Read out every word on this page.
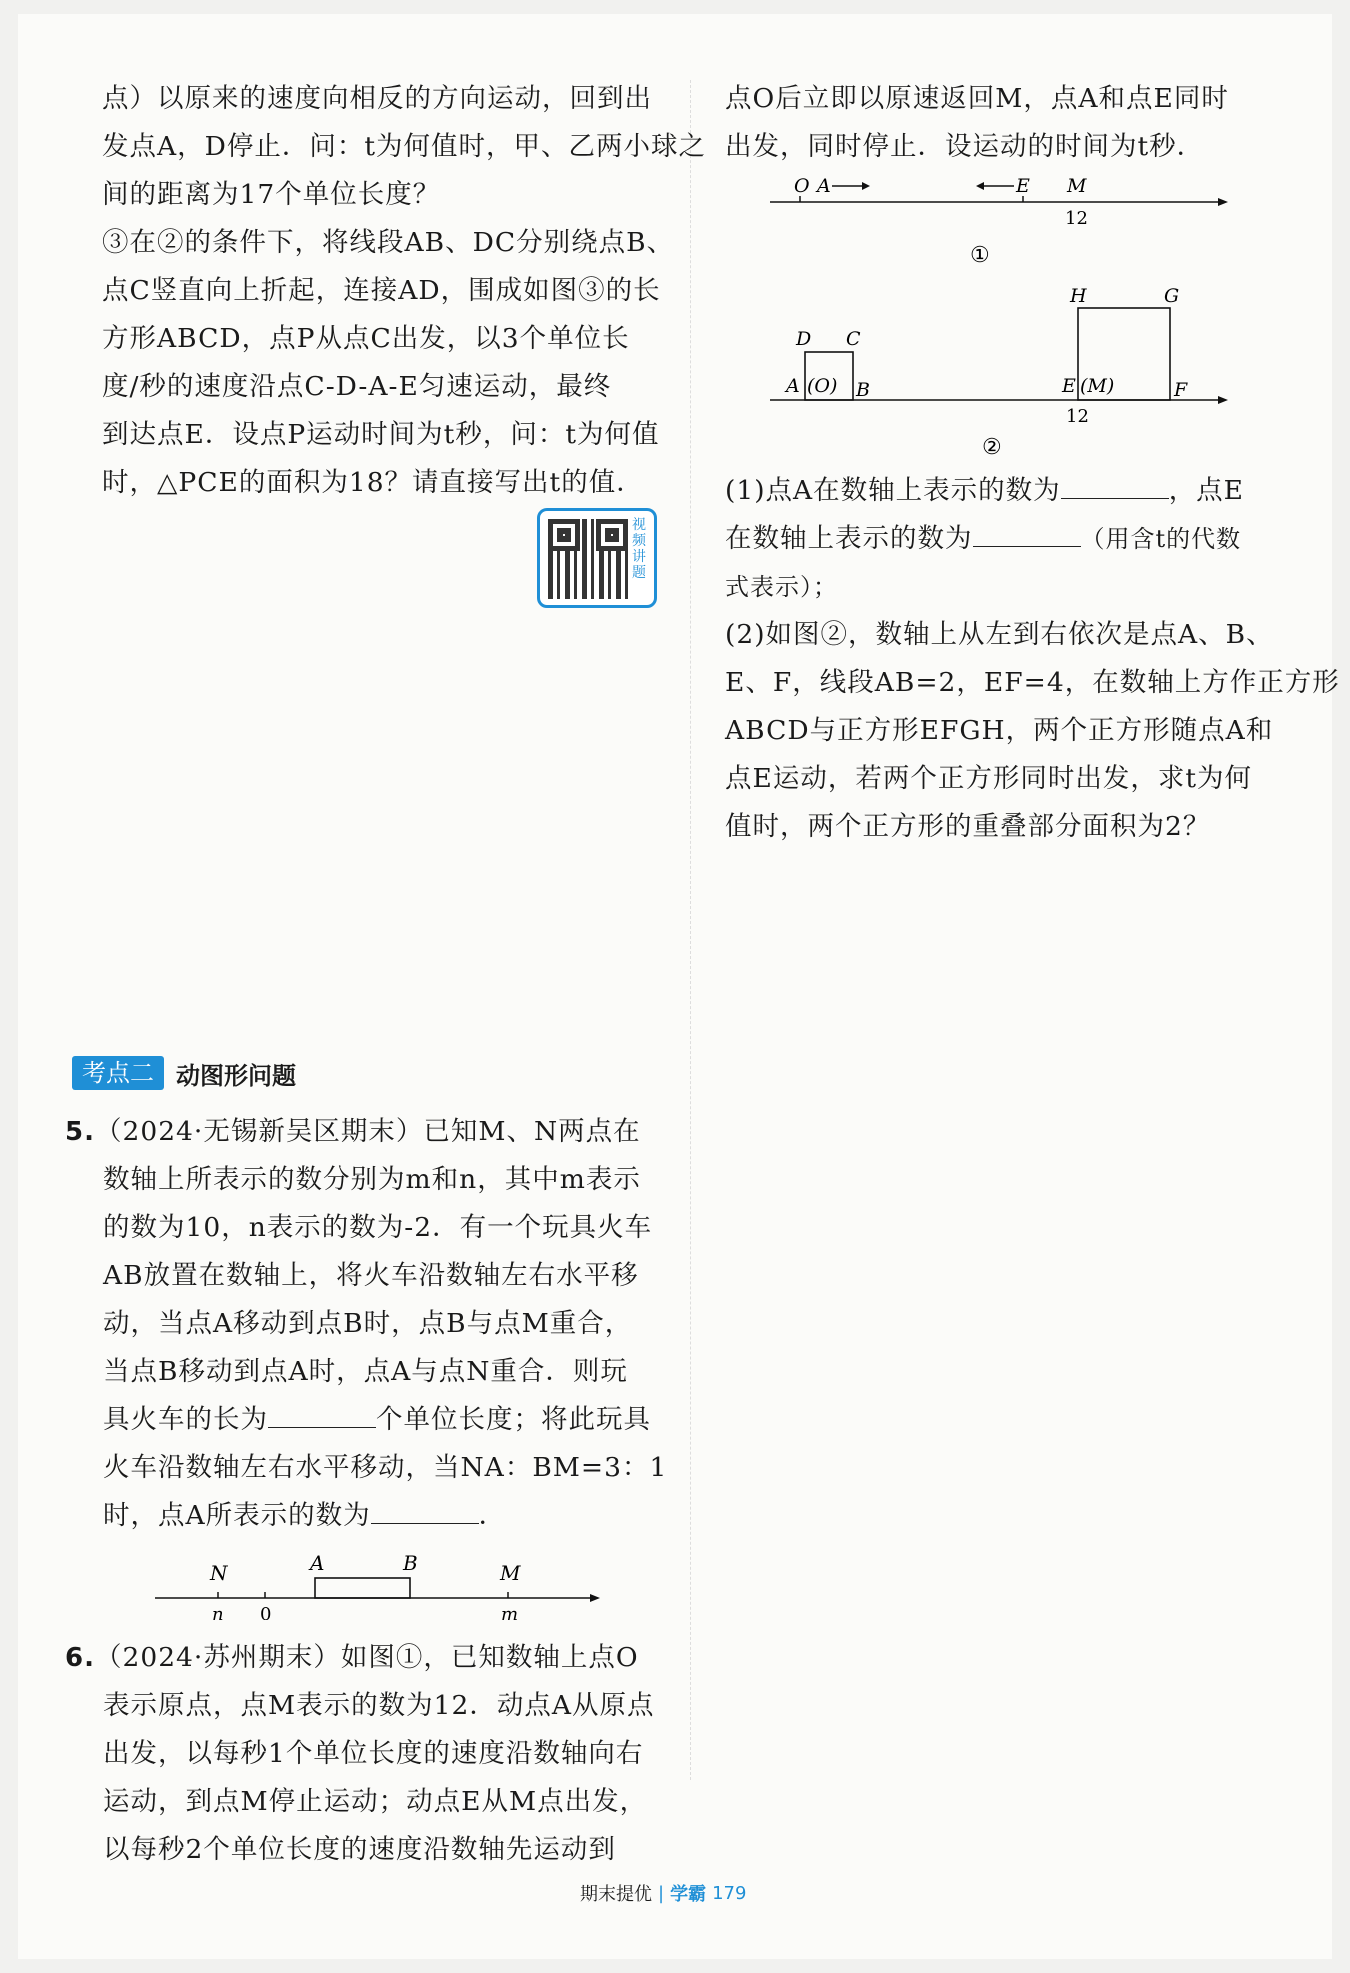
点）以原来的速度向相反的方向运动，回到出
发点A，D停止．问：t为何值时，甲、乙两小球之
间的距离为17个单位长度？
③在②的条件下，将线段AB、DC分别绕点B、
点C竖直向上折起，连接AD，围成如图③的长
方形ABCD，点P从点C出发，以3个单位长
度/秒的速度沿点C-D-A-E匀速运动，最终
到达点E．设点P运动时间为t秒，问：t为何值
时，△PCE的面积为18？请直接写出t的值．
视频讲题
考点二 动图形问题
5.（2024·无锡新吴区期末）已知M、N两点在
数轴上所表示的数分别为m和n，其中m表示
的数为10，n表示的数为-2．有一个玩具火车
AB放置在数轴上，将火车沿数轴左右水平移
动，当点A移动到点B时，点B与点M重合，
当点B移动到点A时，点A与点N重合．则玩
具火车的长为	个单位长度；将此玩具
火车沿数轴左右水平移动，当NA：BM=3：1
时，点A所表示的数为	．
N
n 0
A	B	M
m
6.（2024·苏州期末）如图①，已知数轴上点O
表示原点，点M表示的数为12．动点A从原点
出发，以每秒1个单位长度的速度沿数轴向右
运动，到点M停止运动；动点E从M点出发，
以每秒2个单位长度的速度沿数轴先运动到
点O后立即以原速返回M，点A和点E同时
出发，同时停止．设运动的时间为t秒．
O A	E M
12
①
H	G
D C
A (O) B	E (M)	F
12
②
(1)点A在数轴上表示的数为	，点E
在数轴上表示的数为	（用含t的代数
式表示）；
(2)如图②，数轴上从左到右依次是点A、B、
E、F，线段AB=2，EF=4，在数轴上方作正方形
ABCD与正方形EFGH，两个正方形随点A和
点E运动，若两个正方形同时出发，求t为何
值时，两个正方形的重叠部分面积为2？
期末提优 | 学霸 179
